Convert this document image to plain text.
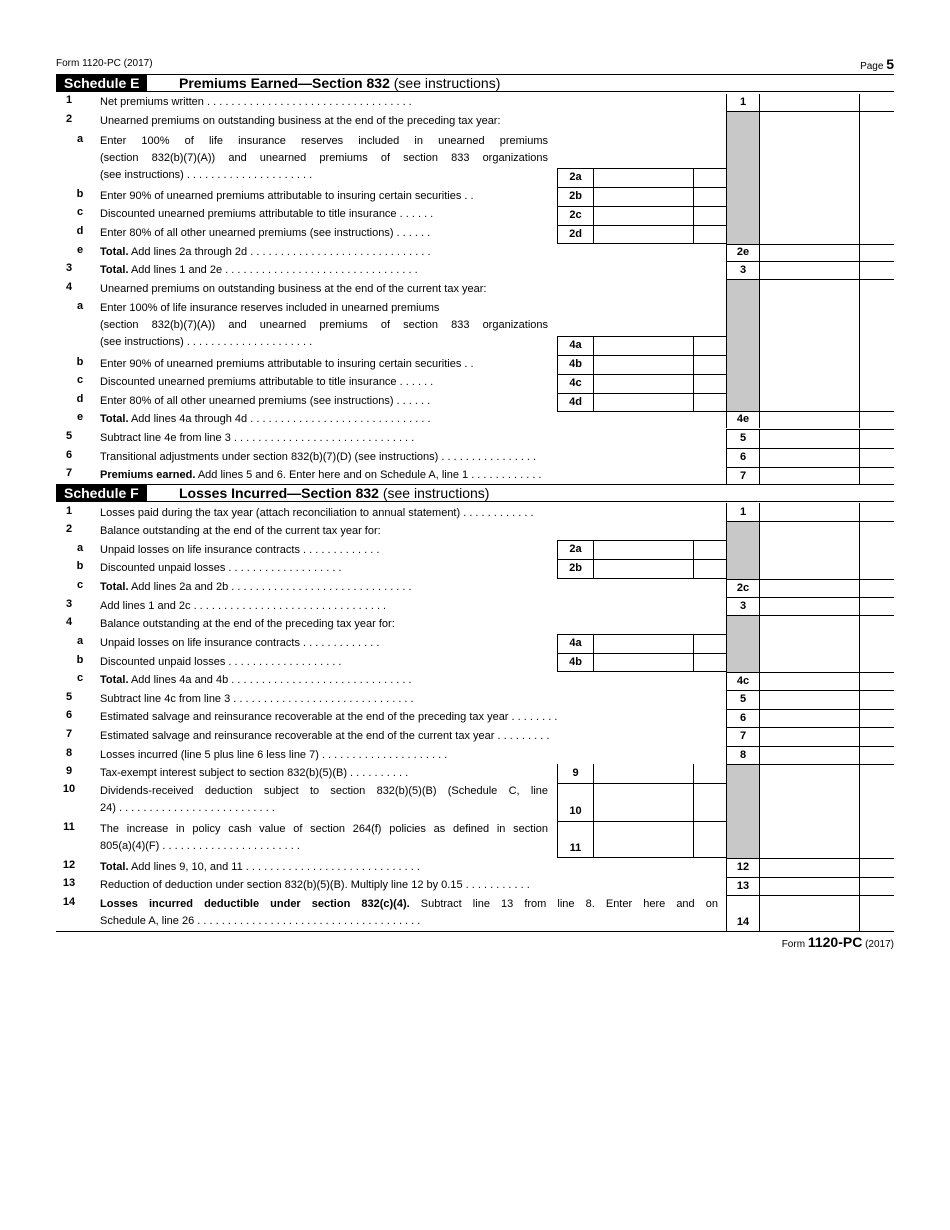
Form 1120-PC (2017)	Page 5
Schedule E	Premiums Earned—Section 832 (see instructions)
1	Net premiums written . . . . . . . . . . . . . . . . . . . . . . . . . . . . . . . . . .	1
2	Unearned premiums on outstanding business at the end of the preceding tax year:
a Enter 100% of life insurance reserves included in unearned premiums
(section 832(b)(7)(A)) and unearned premiums of section 833 organizations
(see instructions) . . . . . . . . . . . . . . . . . . . . .	2a
b Enter 90% of unearned premiums attributable to insuring certain securities . .	2b
c Discounted unearned premiums attributable to title insurance . . . . . .	2c
d Enter 80% of all other unearned premiums (see instructions) . . . . . .	2d
e Total. Add lines 2a through 2d . . . . . . . . . . . . . . . . . . . . . . . . . . . . . .	2e
3	Total. Add lines 1 and 2e . . . . . . . . . . . . . . . . . . . . . . . . . . . . . . . .	3
4	Unearned premiums on outstanding business at the end of the current tax year:
a Enter 100% of life insurance reserves included in unearned premiums
(section 832(b)(7)(A)) and unearned premiums of section 833 organizations
(see instructions) . . . . . . . . . . . . . . . . . . . . .	4a
b Enter 90% of unearned premiums attributable to insuring certain securities . .	4b
c Discounted unearned premiums attributable to title insurance . . . . . .	4c
d Enter 80% of all other unearned premiums (see instructions) . . . . . .	4d
e Total. Add lines 4a through 4d . . . . . . . . . . . . . . . . . . . . . . . . . . . . . .	4e
5	Subtract line 4e from line 3 . . . . . . . . . . . . . . . . . . . . . . . . . . . . . .	5
6	Transitional adjustments under section 832(b)(7)(D) (see instructions) . . . . . . . . . . . . . . . .	6
7	Premiums earned. Add lines 5 and 6. Enter here and on Schedule A, line 1 . . . . . . . . . . . .	7
Schedule F	Losses Incurred—Section 832 (see instructions)
1	Losses paid during the tax year (attach reconciliation to annual statement) . . . . . . . . . . . .	1
2	Balance outstanding at the end of the current tax year for:
a Unpaid losses on life insurance contracts . . . . . . . . . . . . .	2a
b Discounted unpaid losses . . . . . . . . . . . . . . . . . . .	2b
c Total. Add lines 2a and 2b . . . . . . . . . . . . . . . . . . . . . . . . . . . . . .	2c
3	Add lines 1 and 2c . . . . . . . . . . . . . . . . . . . . . . . . . . . . . . . .	3
4	Balance outstanding at the end of the preceding tax year for:
a Unpaid losses on life insurance contracts . . . . . . . . . . . . .	4a
b Discounted unpaid losses . . . . . . . . . . . . . . . . . . .	4b
c Total. Add lines 4a and 4b . . . . . . . . . . . . . . . . . . . . . . . . . . . . . .	4c
5	Subtract line 4c from line 3 . . . . . . . . . . . . . . . . . . . . . . . . . . . . . .	5
6	Estimated salvage and reinsurance recoverable at the end of the preceding tax year . . . . . . . .	6
7	Estimated salvage and reinsurance recoverable at the end of the current tax year . . . . . . . . .	7
8	Losses incurred (line 5 plus line 6 less line 7) . . . . . . . . . . . . . . . . . . . . .	8
9	Tax-exempt interest subject to section 832(b)(5)(B) . . . . . . . . . .	9
10	Dividends-received deduction subject to section 832(b)(5)(B) (Schedule C, line
24) . . . . . . . . . . . . . . . . . . . . . . . . . .	10
11	The increase in policy cash value of section 264(f) policies as defined in section
805(a)(4)(F) . . . . . . . . . . . . . . . . . . . . . . .	11
12	Total. Add lines 9, 10, and 11 . . . . . . . . . . . . . . . . . . . . . . . . . . . . .	12
13	Reduction of deduction under section 832(b)(5)(B). Multiply line 12 by 0.15 . . . . . . . . . . .	13
14	Losses incurred deductible under section 832(c)(4). Subtract line 13 from line 8. Enter here and on
Schedule A, line 26 . . . . . . . . . . . . . . . . . . . . . . . . . . . . . . . . . . . . .	14
Form 1120-PC (2017)
